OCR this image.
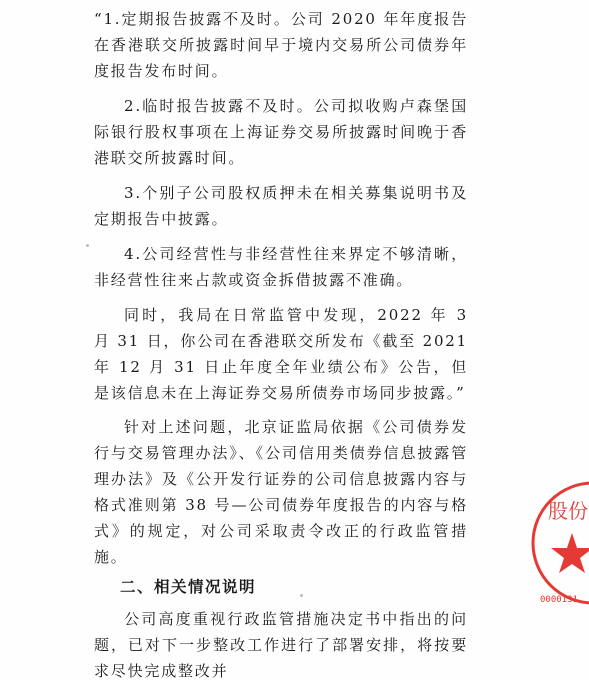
“1.定期报告披露不及时。公司 2020 年年度报告在香港联交所披露时间早于境内交易所公司债券年度报告发布时间。

2.临时报告披露不及时。公司拟收购卢森堡国际银行股权事项在上海证券交易所披露时间晚于香港联交所披露时间。

3.个别子公司股权质押未在相关募集说明书及定期报告中披露。

4.公司经营性与非经营性往来界定不够清晰，非经营性往来占款或资金拆借披露不准确。

同时，我局在日常监管中发现，2022 年 3 月 31 日，你公司在香港联交所发布《截至 2021 年 12 月 31 日止年度全年业绩公布》公告，但是该信息未在上海证券交易所债券市场同步披露。”

针对上述问题，北京证监局依据《公司债券发行与交易管理办法》、《公司信用类债券信息披露管理办法》及《公开发行证券的公司信息披露内容与格式准则第 38 号—公司债券年度报告的内容与格式》的规定，对公司采取责令改正的行政监管措施。

二、相关情况说明

公司高度重视行政监管措施决定书中指出的问题，已对下一步整改工作进行了部署安排，将按要求尽快完成整改并

股份
0000131
